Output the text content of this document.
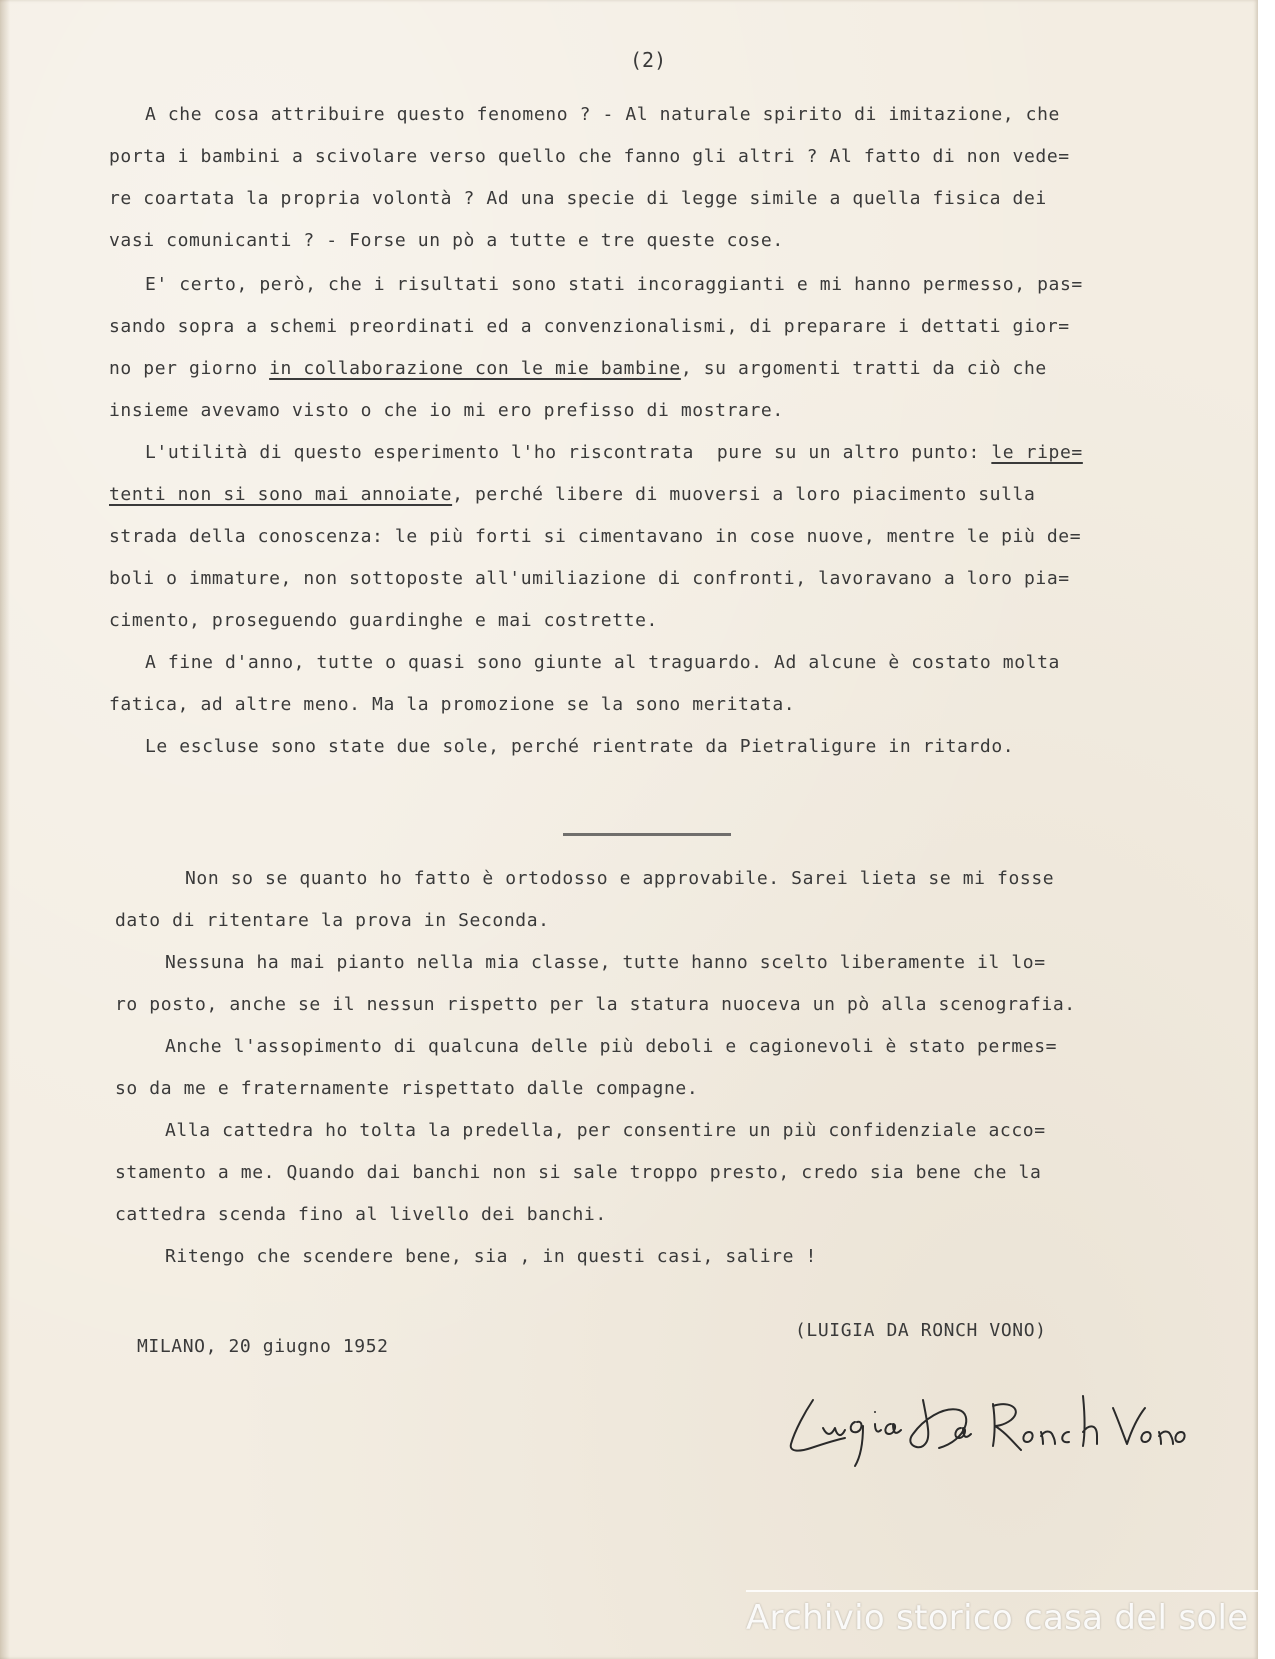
(2)
A che cosa attribuire questo fenomeno ? - Al naturale spirito di imitazione, che
porta i bambini a scivolare verso quello che fanno gli altri ? Al fatto di non vede=
re coartata la propria volontà ? Ad una specie di legge simile a quella fisica dei
vasi comunicanti ? - Forse un pò a tutte e tre queste cose.
E' certo, però, che i risultati sono stati incoraggianti e mi hanno permesso, pas=
sando sopra a schemi preordinati ed a convenzionalismi, di preparare i dettati gior=
no per giorno in collaborazione con le mie bambine, su argomenti tratti da ciò che
insieme avevamo visto o che io mi ero prefisso di mostrare.
L'utilità di questo esperimento l'ho riscontrata  pure su un altro punto: le ripe=
tenti non si sono mai annoiate, perché libere di muoversi a loro piacimento sulla
strada della conoscenza: le più forti si cimentavano in cose nuove, mentre le più de=
boli o immature, non sottoposte all'umiliazione di confronti, lavoravano a loro pia=
cimento, proseguendo guardinghe e mai costrette.
A fine d'anno, tutte o quasi sono giunte al traguardo. Ad alcune è costato molta
fatica, ad altre meno. Ma la promozione se la sono meritata.
Le escluse sono state due sole, perché rientrate da Pietraligure in ritardo.
Non so se quanto ho fatto è ortodosso e approvabile. Sarei lieta se mi fosse
dato di ritentare la prova in Seconda.
Nessuna ha mai pianto nella mia classe, tutte hanno scelto liberamente il lo=
ro posto, anche se il nessun rispetto per la statura nuoceva un pò alla scenografia.
Anche l'assopimento di qualcuna delle più deboli e cagionevoli è stato permes=
so da me e fraternamente rispettato dalle compagne.
Alla cattedra ho tolta la predella, per consentire un più confidenziale acco=
stamento a me. Quando dai banchi non si sale troppo presto, credo sia bene che la
cattedra scenda fino al livello dei banchi.
Ritengo che scendere bene, sia , in questi casi, salire !
MILANO, 20 giugno 1952
(LUIGIA DA RONCH VONO)
Archivio storico casa del sole
